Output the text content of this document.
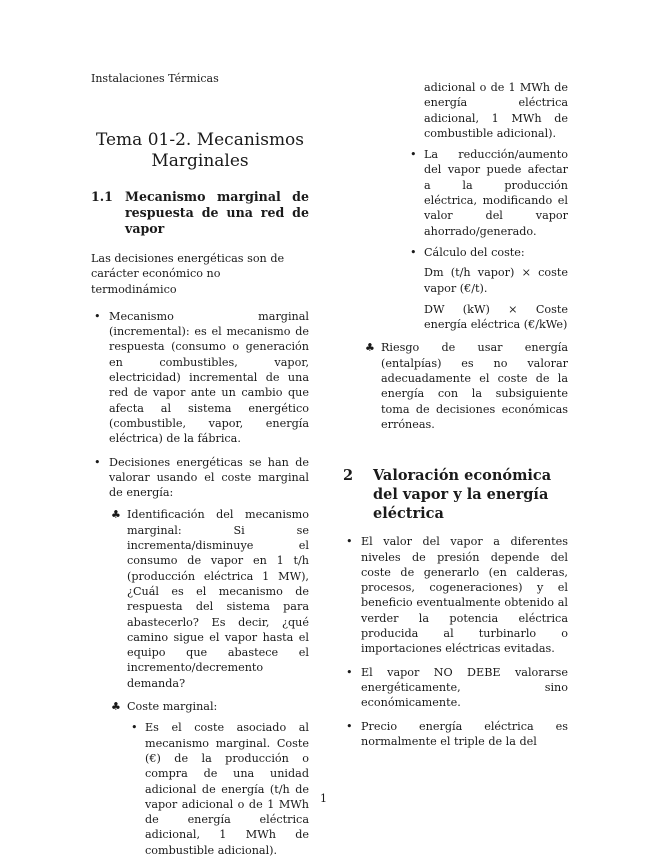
Instalaciones Térmicas
Tema 01-2. Mecanismos Marginales
1.1 Mecanismo marginal de respuesta de una red de vapor

Las decisiones energéticas son de carácter económico no termodinámico

• Mecanismo marginal (incremental): es el mecanismo de respuesta (consumo o generación en combustibles, vapor, electricidad) incremental de una red de vapor ante un cambio que afecta al sistema energético (combustible, vapor, energía eléctrica) de la fábrica.
• Decisiones energéticas se han de valorar usando el coste marginal de energía:
♣ Identificación del mecanismo marginal: Si se incrementa/disminuye el consumo de vapor en 1 t/h (producción eléctrica 1 MW), ¿Cuál es el mecanismo de respuesta del sistema para abastecerlo? Es decir, ¿qué camino sigue el vapor hasta el equipo que abastece el incremento/decremento demanda?
♣ Coste marginal:
• Es el coste asociado al mecanismo marginal. Coste (€) de la producción o compra de una unidad adicional de energía (t/h de vapor adicional o de 1 MWh de energía eléctrica adicional, 1 MWh de combustible adicional).
adicional o de 1 MWh de energía eléctrica adicional, 1 MWh de combustible adicional).
• La reducción/aumento del vapor puede afectar a la producción eléctrica, modificando el valor del vapor ahorrado/generado.
• Cálculo del coste:

Dm (t/h vapor) × coste vapor (€/t).

DW (kW) × Coste energía eléctrica (€/kWe)

♣ Riesgo de usar energía (entalpías) es no valorar adecuadamente el coste de la energía con la subsiguiente toma de decisiones económicas erróneas.
2	Valoración económica del vapor y la energía eléctrica
• El valor del vapor a diferentes niveles de presión depende del coste de generarlo (en calderas, procesos, cogeneraciones) y el beneficio eventualmente obtenido al verder la potencia eléctrica producida al turbinarlo o importaciones eléctricas evitadas.
• El vapor NO DEBE valorarse energéticamente, sino económicamente.
• Precio energía eléctrica es normalmente el triple de la del
1
